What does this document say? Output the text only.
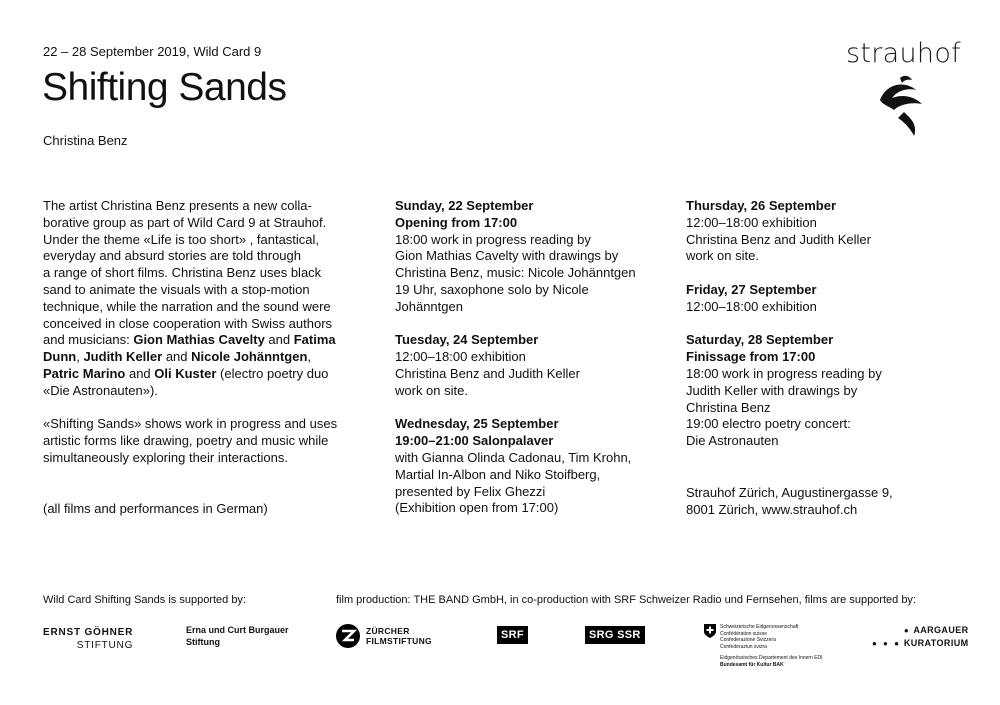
22 – 28 September 2019, Wild Card 9
Shifting Sands
Christina Benz
strauhof

The artist Christina Benz presents a new colla-
borative group as part of Wild Card 9 at Strauhof.
Under the theme «Life is too short» , fantastical,
everyday and absurd stories are told through
a range of short films. Christina Benz uses black
sand to animate the visuals with a stop-motion
technique, while the narration and the sound were
conceived in close cooperation with Swiss authors
and musicians: Gion Mathias Cavelty and Fatima
Dunn, Judith Keller and Nicole Johänntgen,
Patric Marino and Oli Kuster (electro poetry duo
«Die Astronauten»).

«Shifting Sands» shows work in progress and uses
artistic forms like drawing, poetry and music while
simultaneously exploring their interactions.

(all films and performances in German)
Sunday, 22 September
Opening from 17:00
18:00 work in progress reading by
Gion Mathias Cavelty with drawings by
Christina Benz, music: Nicole Johänntgen
19 Uhr, saxophone solo by Nicole
Johänntgen
Tuesday, 24 September
12:00–18:00 exhibition
Christina Benz and Judith Keller
work on site.
Wednesday, 25 September
19:00–21:00 Salonpalaver
with Gianna Olinda Cadonau, Tim Krohn,
Martial In-Albon and Niko Stoifberg,
presented by Felix Ghezzi
(Exhibition open from 17:00)
Thursday, 26 September
12:00–18:00 exhibition
Christina Benz and Judith Keller
work on site.
Friday, 27 September
12:00–18:00 exhibition
Saturday, 28 September
Finissage from 17:00
18:00 work in progress reading by
Judith Keller with drawings by
Christina Benz
19:00 electro poetry concert:
Die Astronauten
Strauhof Zürich, Augustinergasse 9,
8001 Zürich, www.strauhof.ch
Wild Card Shifting Sands is supported by:	film production: THE BAND GmbH, in co-production with SRF Schweizer Radio und Fernsehen, films are supported by:
ERNST GÖHNER
STIFTUNG
Erna und Curt Burgauer
Stiftung
ZÜRCHER
FILMSTIFTUNG	SRF	SRG SSR
Schweizerische Eidgenossenschaft
Confédération suisse
Confederazione Svizzera
Confederaziun svizra
Eidgenössisches Departement des Innern EDI
Bundesamt für Kultur BAK
● AARGAUER
● ● ● KURATORIUM
